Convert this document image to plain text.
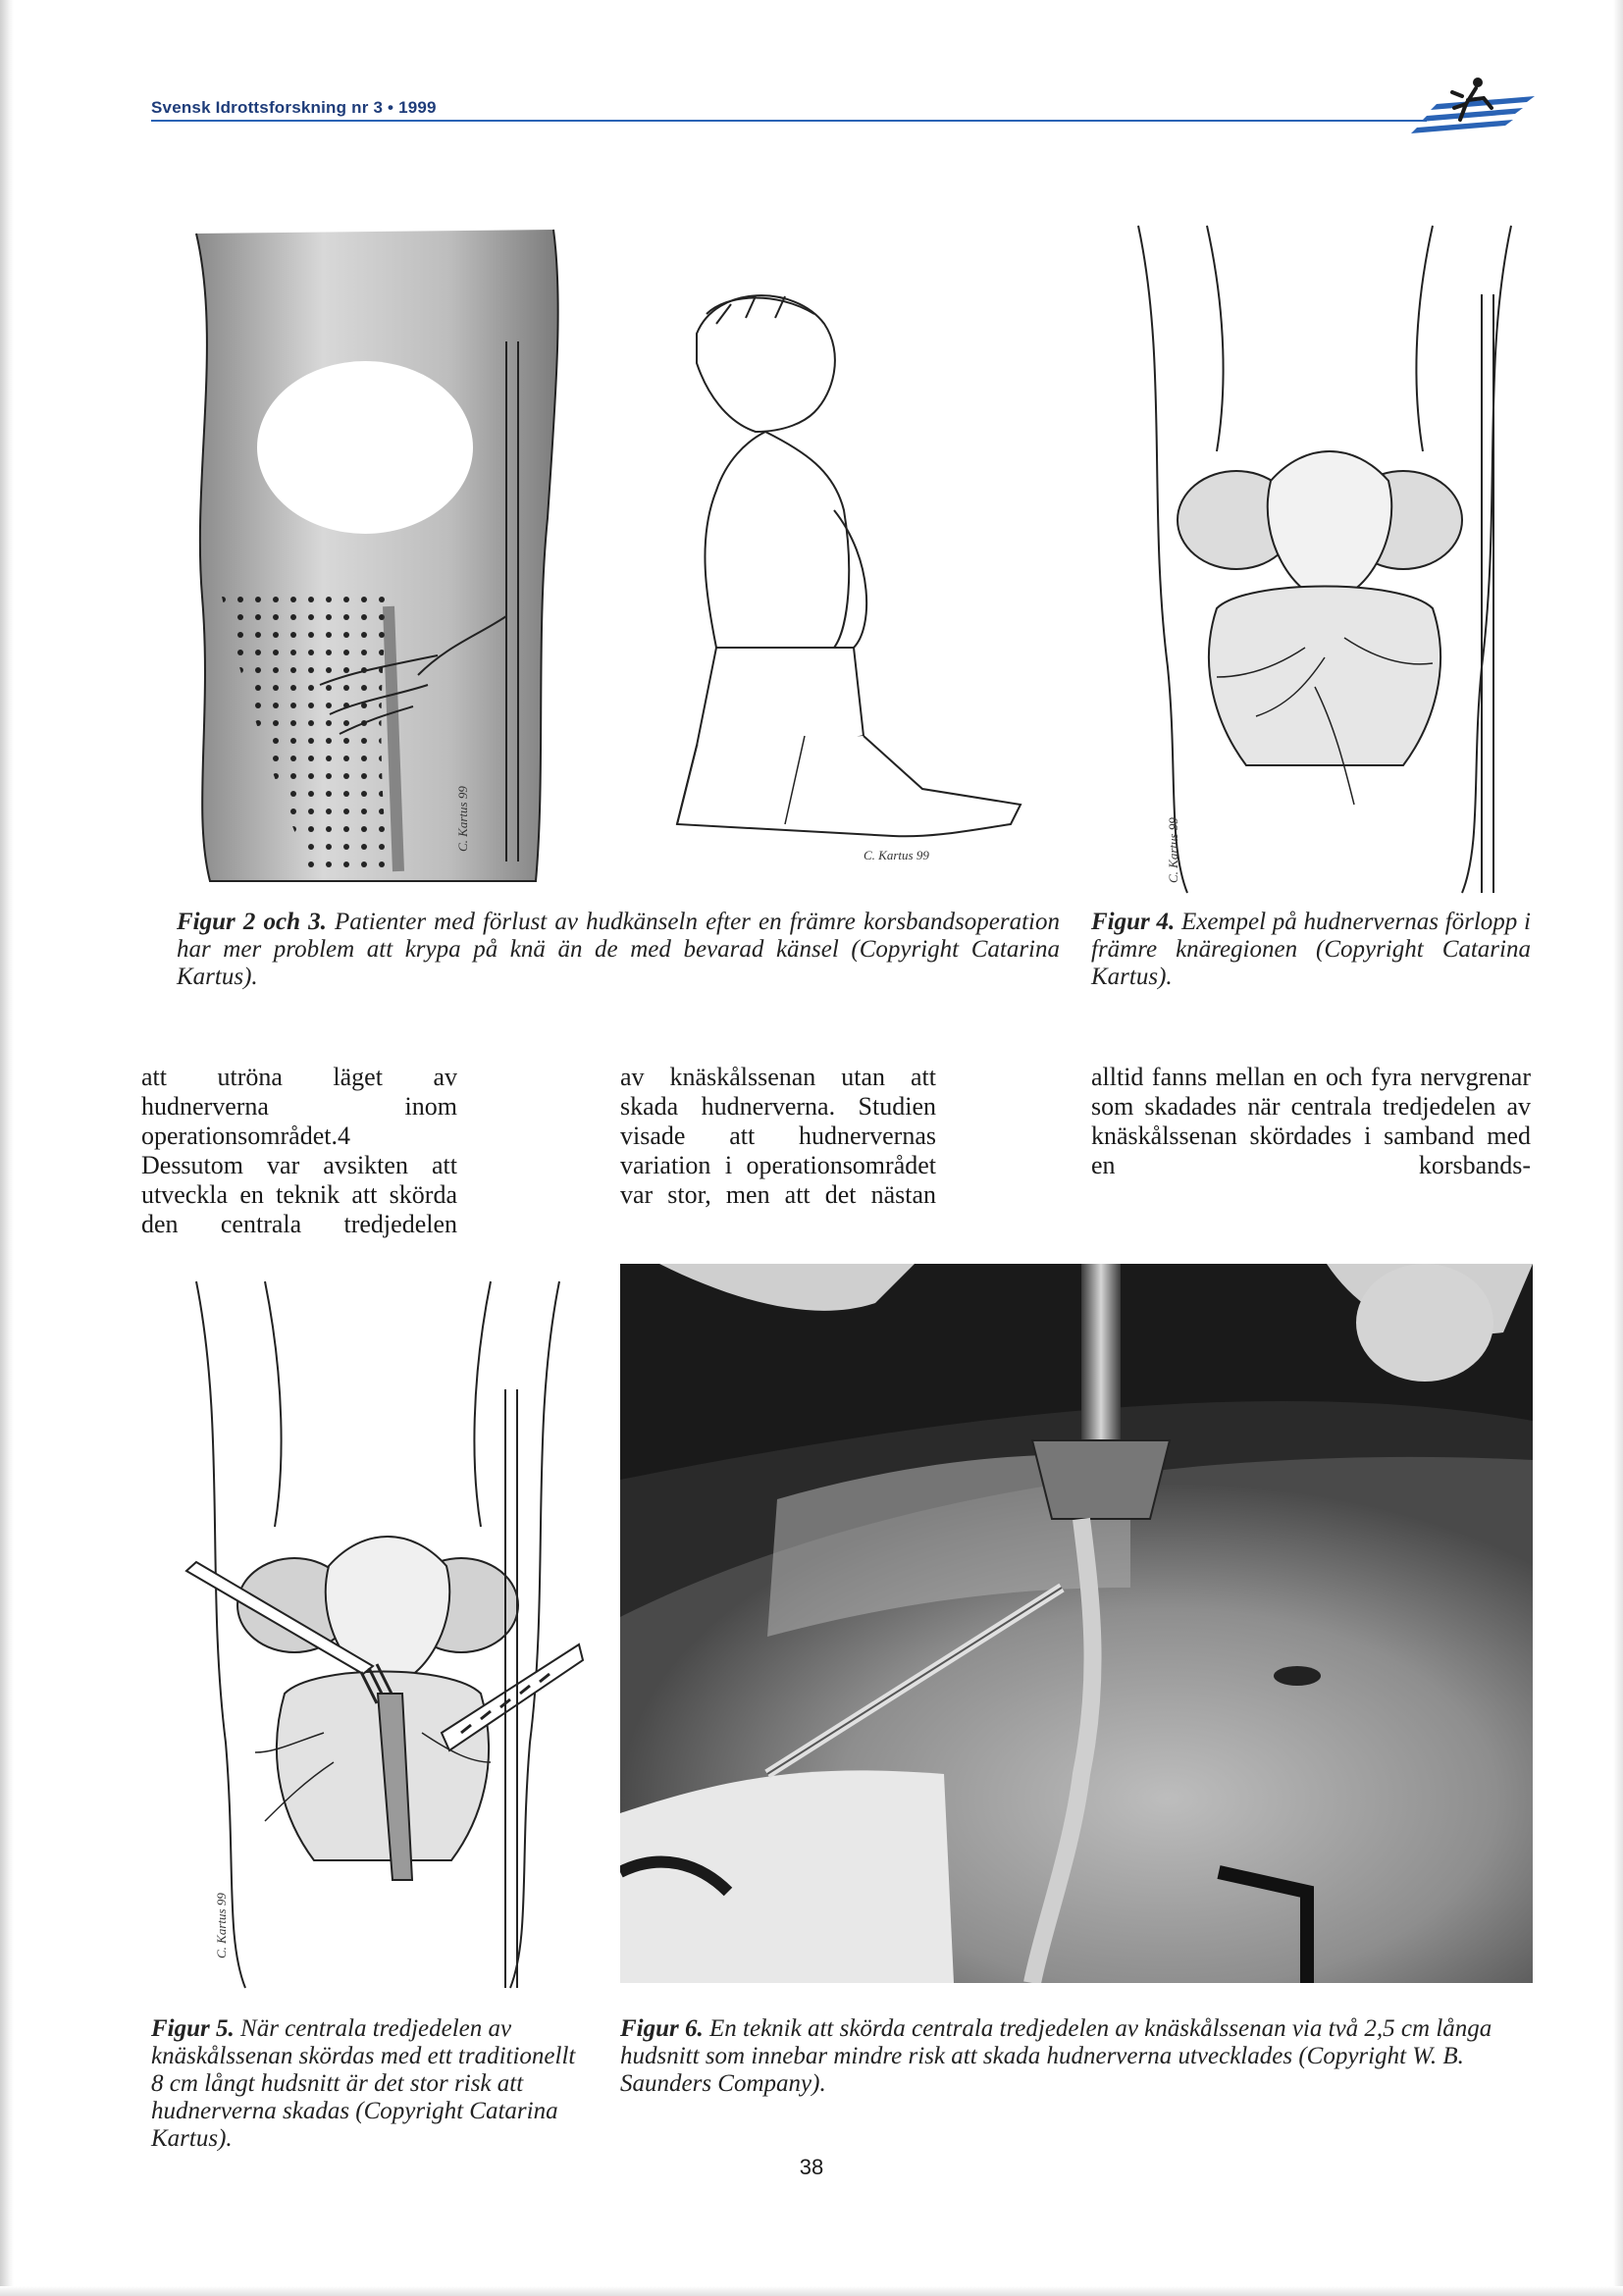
Svensk Idrottsforskning nr 3 • 1999
C. Kartus 99
C. Kartus 99	C. Kartus 99
Figur 2 och 3. Patienter med förlust av hudkänseln efter en främre korsbandsoperation har mer problem att krypa på knä än de med bevarad känsel (Copyright Catarina Kartus).
Figur 4. Exempel på hudnervernas förlopp i främre knäregionen (Copyright Catarina Kartus).
att utröna läget av hudnerverna inom operationsområdet.4 Dessutom var avsikten att utveckla en teknik att skörda den centrala tredjedelen
av knäskålssenan utan att skada hudnerverna. Studien visade att hudnervernas variation i operationsområdet var stor, men att det nästan
alltid fanns mellan en och fyra nervgrenar som skadades när centrala tredjedelen av knäskålssenan skördades i samband med en korsbands-
C. Kartus 99
Figur 5. När centrala tredjedelen av knäskålssenan skördas med ett traditionellt 8 cm långt hudsnitt är det stor risk att hudnerverna skadas (Copyright Catarina Kartus).
Figur 6. En teknik att skörda centrala tredjedelen av knäskålssenan via två 2,5 cm långa hudsnitt som innebar mindre risk att skada hudnerverna utvecklades (Copyright W. B. Saunders Company).
38
